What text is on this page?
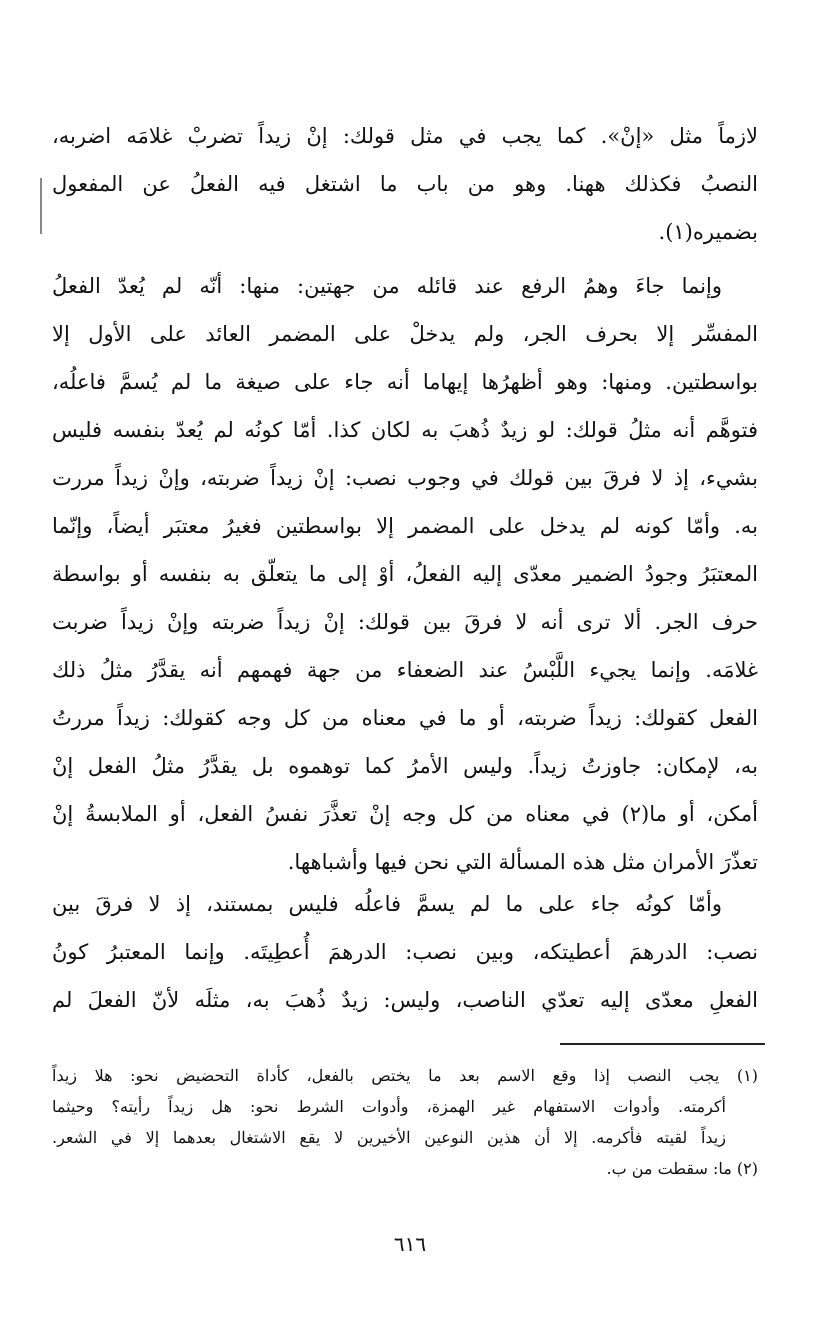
لازماً مثل «إنْ». كما يجب في مثل قولك: إنْ زيداً تضربْ غلامَه اضربه،
النصبُ فكذلك ههنا. وهو من باب ما اشتغل فيه الفعلُ عن المفعول
بضميره(١).
وإنما جاءَ وهمُ الرفع عند قائله من جهتين: منها: أنّه لم يُعدّ الفعلُ
المفسِّر إلا بحرف الجر، ولم يدخلْ على المضمر العائد على الأول إلا
بواسطتين. ومنها: وهو أظهرُها إيهاما أنه جاء على صيغة ما لم يُسمَّ فاعلُه،
فتوهَّم أنه مثلُ قولك: لو زيدٌ ذُهبَ به لكان كذا. أمّا كونُه لم يُعدّ بنفسه فليس
بشيء، إذ لا فرقَ بين قولك في وجوب نصب: إنْ زيداً ضربته، وإنْ زيداً مررت
به. وأمّا كونه لم يدخل على المضمر إلا بواسطتين فغيرُ معتبَر أيضاً، وإنّما
المعتبَرُ وجودُ الضمير معدّى إليه الفعلُ، أوْ إلى ما يتعلّق به بنفسه أو بواسطة
حرف الجر. ألا ترى أنه لا فرقَ بين قولك: إنْ زيداً ضربته وإنْ زيداً ضربت
غلامَه. وإنما يجيء اللَّبْسُ عند الضعفاء من جهة فهمهم أنه يقدَّرُ مثلُ ذلك
الفعل كقولك: زيداً ضربته، أو ما في معناه من كل وجه كقولك: زيداً مررتُ
به، لإمكان: جاوزتُ زيداً. وليس الأمرُ كما توهموه بل يقدَّرُ مثلُ الفعل إنْ
أمكن، أو ما(٢) في معناه من كل وجه إنْ تعذَّرَ نفسُ الفعل، أو الملابسةُ إنْ
تعذّرَ الأمران مثل هذه المسألة التي نحن فيها وأشباهها.
وأمّا كونُه جاء على ما لم يسمَّ فاعلُه فليس بمستند، إذ لا فرقَ بين
نصب: الدرهمَ أعطيتكه، وبين نصب: الدرهمَ أُعطِيتَه. وإنما المعتبرُ كونُ
الفعلِ معدّى إليه تعدّي الناصب، وليس: زيدٌ ذُهبَ به، مثلَه لأنّ الفعلَ لم
(١) يجب النصب إذا وقع الاسم بعد ما يختص بالفعل، كأداة التحضيض نحو: هلا زيداً
أكرمته. وأدوات الاستفهام غير الهمزة، وأدوات الشرط نحو: هل زيداً رأيته؟ وحيثما
زيداً لقيته فأكرمه. إلا أن هذين النوعين الأخيرين لا يقع الاشتغال بعدهما إلا في الشعر.
(٢) ما: سقطت من ب.
٦١٦
